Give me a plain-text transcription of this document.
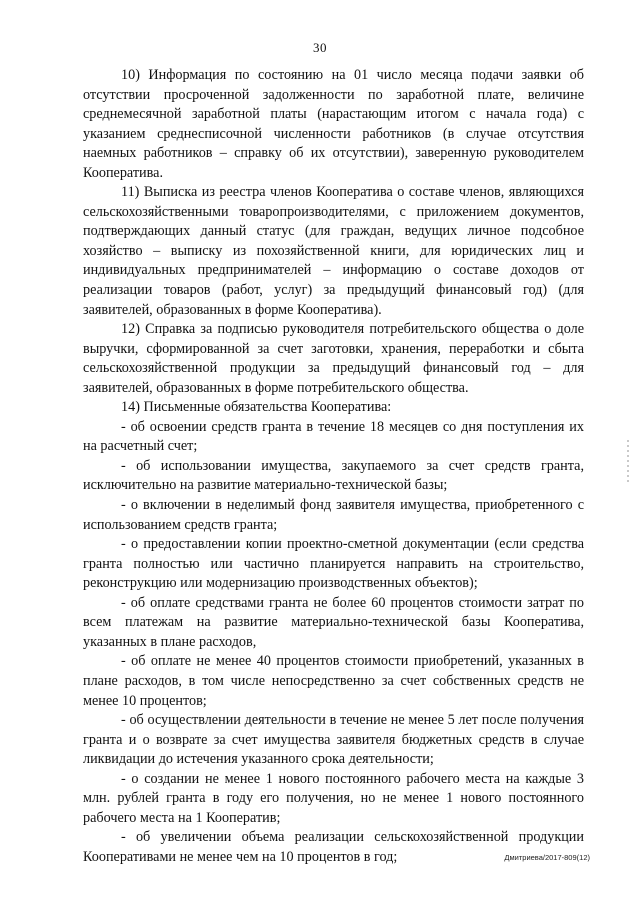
30

10) Информация по состоянию на 01 число месяца подачи заявки об отсутствии просроченной задолженности по заработной плате, величине среднемесячной заработной платы (нарастающим итогом с начала года) с указанием среднесписочной численности работников (в случае отсутствия наемных работников – справку об их отсутствии), заверенную руководителем Кооператива.

11) Выписка из реестра членов Кооператива о составе членов, являющихся сельскохозяйственными товаропроизводителями, с приложением документов, подтверждающих данный статус (для граждан, ведущих личное подсобное хозяйство – выписку из похозяйственной книги, для юридических лиц и индивидуальных предпринимателей – информацию о составе доходов от реализации товаров (работ, услуг) за предыдущий финансовый год) (для заявителей, образованных в форме Кооператива).

12) Справка за подписью руководителя потребительского общества о доле выручки, сформированной за счет заготовки, хранения, переработки и сбыта сельскохозяйственной продукции за предыдущий финансовый год – для заявителей, образованных в форме потребительского общества.

14) Письменные обязательства Кооператива:

- об освоении средств гранта в течение 18 месяцев со дня поступления их на расчетный счет;

- об использовании имущества, закупаемого за счет средств гранта, исключительно на развитие материально-технической базы;

- о включении в неделимый фонд заявителя имущества, приобретенного с использованием средств гранта;

- о предоставлении копии проектно-сметной документации (если средства гранта полностью или частично планируется направить на строительство, реконструкцию или модернизацию производственных объектов);

- об оплате средствами гранта не более 60 процентов стоимости затрат по всем платежам на развитие материально-технической базы Кооператива, указанных в плане расходов,

- об оплате не менее 40 процентов стоимости приобретений, указанных в плане расходов, в том числе непосредственно за счет собственных средств не менее 10 процентов;

- об осуществлении деятельности в течение не менее 5 лет после получения гранта и о возврате за счет имущества заявителя бюджетных средств в случае ликвидации до истечения указанного срока деятельности;

- о создании не менее 1 нового постоянного рабочего места на каждые 3 млн. рублей гранта в году его получения, но не менее 1 нового постоянного рабочего места на 1 Кооператив;

- об увеличении объема реализации сельскохозяйственной продукции Кооперативами не менее чем на 10 процентов в год;	Дмитриева/2017-809(12)
